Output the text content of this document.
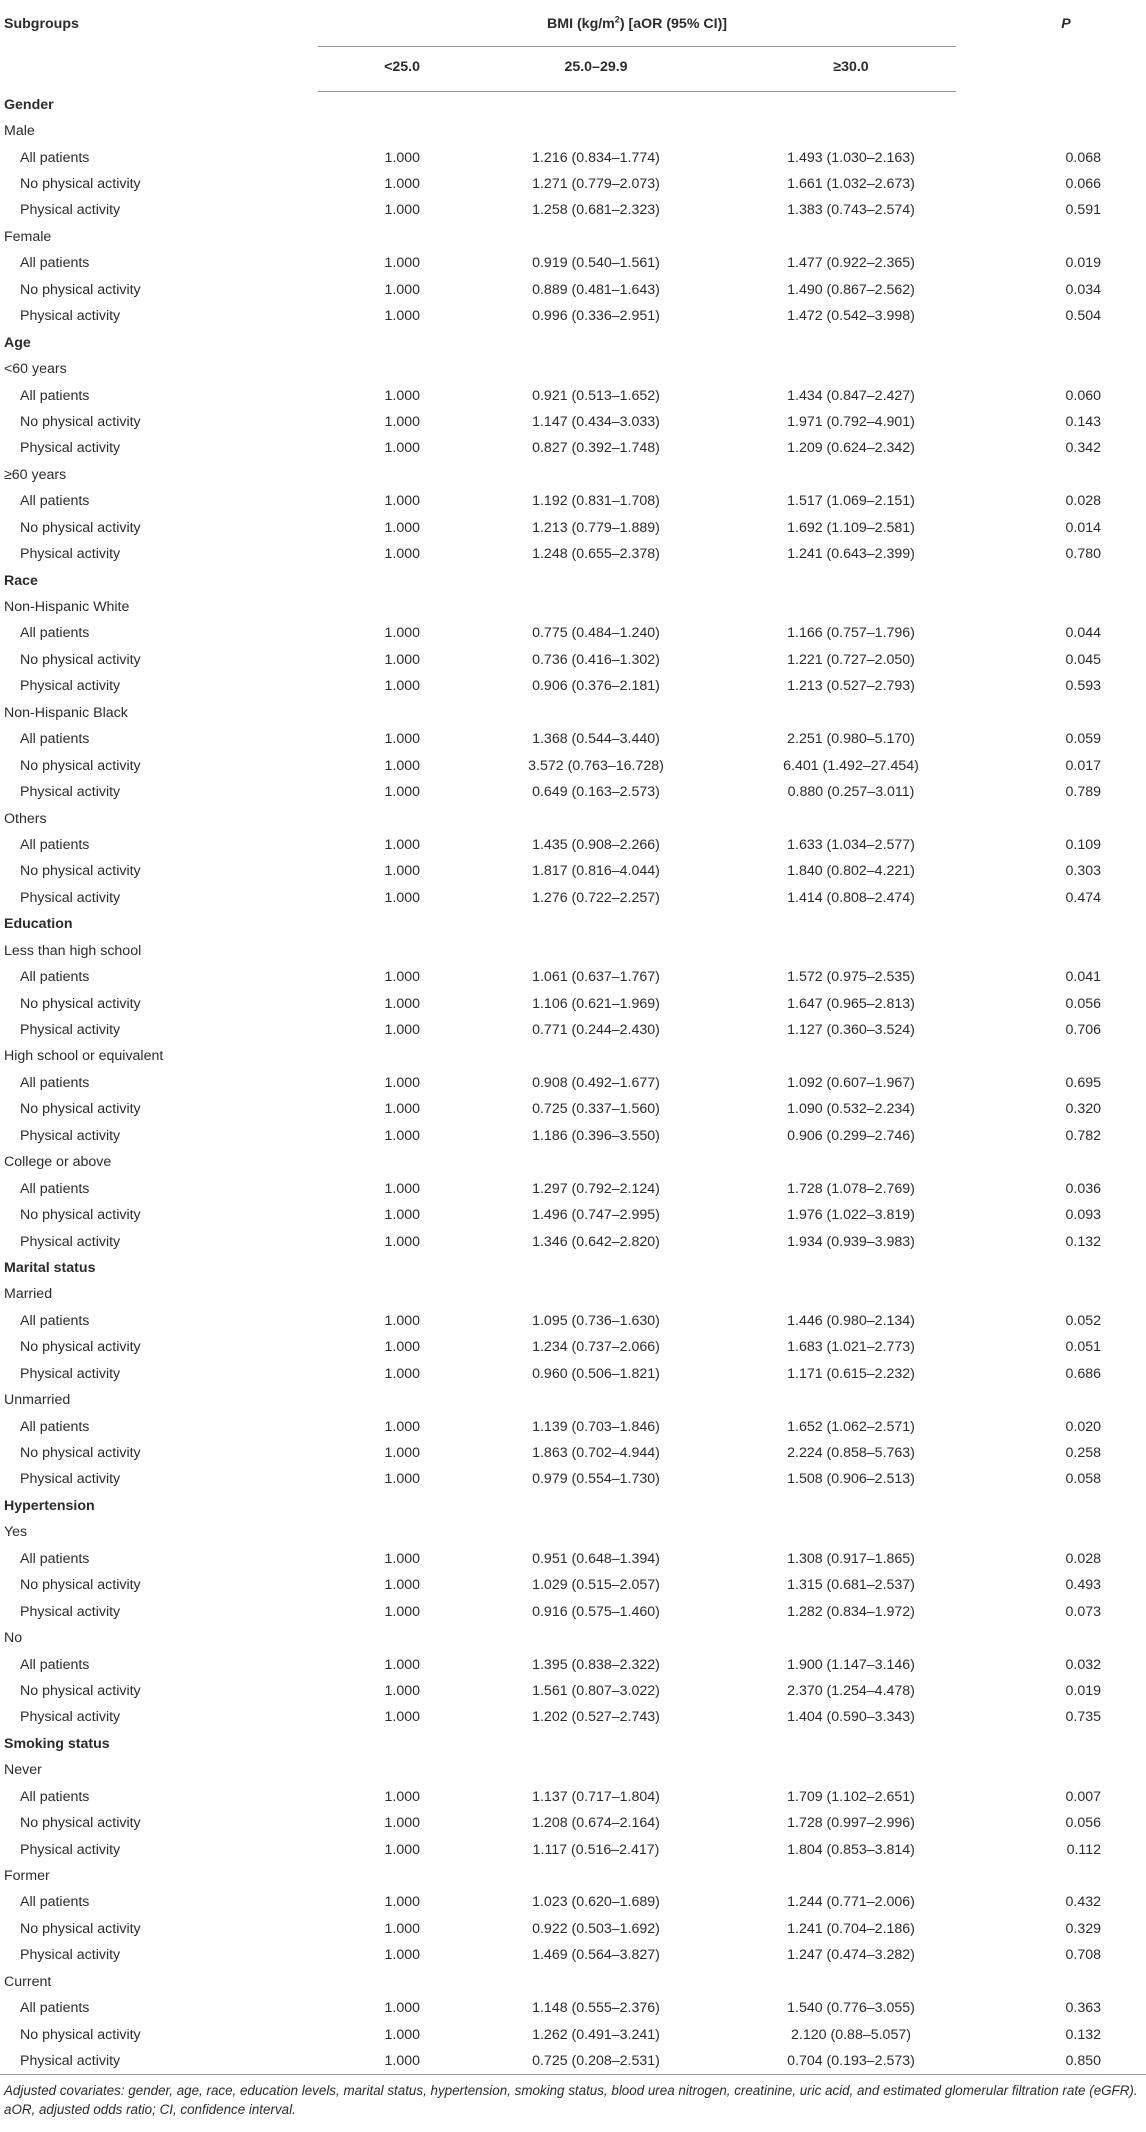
Subgroups	BMI $(kg/m^2)$ [aOR (95% CI)]			P
	<25.0	25.0–29.9	≥30.0	
Gender				
Male				
All patients	1.000	1.216 (0.834–1.774)	1.493 (1.030–2.163)	0.068
No physical activity	1.000	1.271 (0.779–2.073)	1.661 (1.032–2.673)	0.066
Physical activity	1.000	1.258 (0.681–2.323)	1.383 (0.743–2.574)	0.591
Female				
All patients	1.000	0.919 (0.540–1.561)	1.477 (0.922–2.365)	0.019
No physical activity	1.000	0.889 (0.481–1.643)	1.490 (0.867–2.562)	0.034
Physical activity	1.000	0.996 (0.336–2.951)	1.472 (0.542–3.998)	0.504
Age				
<60 years				
All patients	1.000	0.921 (0.513–1.652)	1.434 (0.847–2.427)	0.060
No physical activity	1.000	1.147 (0.434–3.033)	1.971 (0.792–4.901)	0.143
Physical activity	1.000	0.827 (0.392–1.748)	1.209 (0.624–2.342)	0.342
≥60 years				
All patients	1.000	1.192 (0.831–1.708)	1.517 (1.069–2.151)	0.028
No physical activity	1.000	1.213 (0.779–1.889)	1.692 (1.109–2.581)	0.014
Physical activity	1.000	1.248 (0.655–2.378)	1.241 (0.643–2.399)	0.780
Race				
Non-Hispanic White				
All patients	1.000	0.775 (0.484–1.240)	1.166 (0.757–1.796)	0.044
No physical activity	1.000	0.736 (0.416–1.302)	1.221 (0.727–2.050)	0.045
Physical activity	1.000	0.906 (0.376–2.181)	1.213 (0.527–2.793)	0.593
Non-Hispanic Black				
All patients	1.000	1.368 (0.544–3.440)	2.251 (0.980–5.170)	0.059
No physical activity	1.000	3.572 (0.763–16.728)	6.401 (1.492–27.454)	0.017
Physical activity	1.000	0.649 (0.163–2.573)	0.880 (0.257–3.011)	0.789
Others				
All patients	1.000	1.435 (0.908–2.266)	1.633 (1.034–2.577)	0.109
No physical activity	1.000	1.817 (0.816–4.044)	1.840 (0.802–4.221)	0.303
Physical activity	1.000	1.276 (0.722–2.257)	1.414 (0.808–2.474)	0.474
Education				
Less than high school				
All patients	1.000	1.061 (0.637–1.767)	1.572 (0.975–2.535)	0.041
No physical activity	1.000	1.106 (0.621–1.969)	1.647 (0.965–2.813)	0.056
Physical activity	1.000	0.771 (0.244–2.430)	1.127 (0.360–3.524)	0.706
High school or equivalent				
All patients	1.000	0.908 (0.492–1.677)	1.092 (0.607–1.967)	0.695
No physical activity	1.000	0.725 (0.337–1.560)	1.090 (0.532–2.234)	0.320
Physical activity	1.000	1.186 (0.396–3.550)	0.906 (0.299–2.746)	0.782
College or above				
All patients	1.000	1.297 (0.792–2.124)	1.728 (1.078–2.769)	0.036
No physical activity	1.000	1.496 (0.747–2.995)	1.976 (1.022–3.819)	0.093
Physical activity	1.000	1.346 (0.642–2.820)	1.934 (0.939–3.983)	0.132
Marital status				
Married				
All patients	1.000	1.095 (0.736–1.630)	1.446 (0.980–2.134)	0.052
No physical activity	1.000	1.234 (0.737–2.066)	1.683 (1.021–2.773)	0.051
Physical activity	1.000	0.960 (0.506–1.821)	1.171 (0.615–2.232)	0.686
Unmarried				
All patients	1.000	1.139 (0.703–1.846)	1.652 (1.062–2.571)	0.020
No physical activity	1.000	1.863 (0.702–4.944)	2.224 (0.858–5.763)	0.258
Physical activity	1.000	0.979 (0.554–1.730)	1.508 (0.906–2.513)	0.058
Hypertension				
Yes				
All patients	1.000	0.951 (0.648–1.394)	1.308 (0.917–1.865)	0.028
No physical activity	1.000	1.029 (0.515–2.057)	1.315 (0.681–2.537)	0.493
Physical activity	1.000	0.916 (0.575–1.460)	1.282 (0.834–1.972)	0.073
No				
All patients	1.000	1.395 (0.838–2.322)	1.900 (1.147–3.146)	0.032
No physical activity	1.000	1.561 (0.807–3.022)	2.370 (1.254–4.478)	0.019
Physical activity	1.000	1.202 (0.527–2.743)	1.404 (0.590–3.343)	0.735
Smoking status				
Never				
All patients	1.000	1.137 (0.717–1.804)	1.709 (1.102–2.651)	0.007
No physical activity	1.000	1.208 (0.674–2.164)	1.728 (0.997–2.996)	0.056
Physical activity	1.000	1.117 (0.516–2.417)	1.804 (0.853–3.814)	0.112
Former				
All patients	1.000	1.023 (0.620–1.689)	1.244 (0.771–2.006)	0.432
No physical activity	1.000	0.922 (0.503–1.692)	1.241 (0.704–2.186)	0.329
Physical activity	1.000	1.469 (0.564–3.827)	1.247 (0.474–3.282)	0.708
Current				
All patients	1.000	1.148 (0.555–2.376)	1.540 (0.776–3.055)	0.363
No physical activity	1.000	1.262 (0.491–3.241)	2.120 (0.88–5.057)	0.132
Physical activity	1.000	0.725 (0.208–2.531)	0.704 (0.193–2.573)	0.850
Adjusted covariates: gender, age, race, education levels, marital status, hypertension, smoking status, blood urea nitrogen, creatinine, uric acid, and estimated glomerular filtration rate (eGFR). aOR, adjusted odds ratio; CI, confidence interval.
